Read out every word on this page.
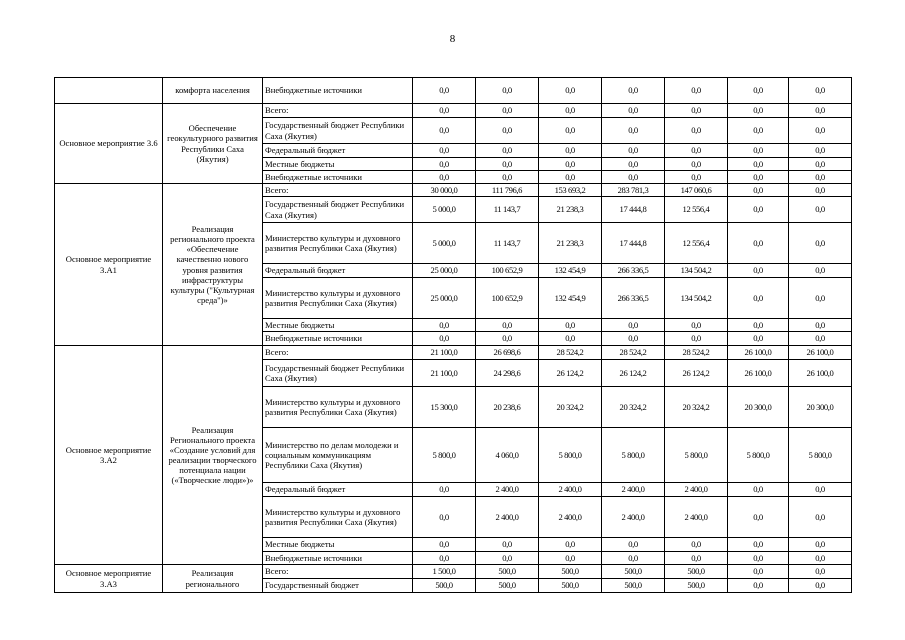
8
	комфорта населения	Внебюджетные источники	0,0	0,0	0,0	0,0	0,0	0,0	0,0
Основное мероприятие 3.6	Обеспечение геокультурного развития Республики Саха (Якутия)	Всего:	0,0	0,0	0,0	0,0	0,0	0,0	0,0
		Государственный бюджет Республики Саха (Якутия)	0,0	0,0	0,0	0,0	0,0	0,0	0,0
		Федеральный бюджет	0,0	0,0	0,0	0,0	0,0	0,0	0,0
		Местные бюджеты	0,0	0,0	0,0	0,0	0,0	0,0	0,0
		Внебюджетные источники	0,0	0,0	0,0	0,0	0,0	0,0	0,0
Основное мероприятие 3.А1	Реализация регионального проекта «Обеспечение качественно нового уровня развития инфраструктуры культуры ("Культурная среда")»	Всего:	30 000,0	111 796,6	153 693,2	283 781,3	147 060,6	0,0	0,0
		Государственный бюджет Республики Саха (Якутия)	5 000,0	11 143,7	21 238,3	17 444,8	12 556,4	0,0	0,0
		Министерство культуры и духовного развития Республики Саха (Якутия)	5 000,0	11 143,7	21 238,3	17 444,8	12 556,4	0,0	0,0
		Федеральный бюджет	25 000,0	100 652,9	132 454,9	266 336,5	134 504,2	0,0	0,0
		Министерство культуры и духовного развития Республики Саха (Якутия)	25 000,0	100 652,9	132 454,9	266 336,5	134 504,2	0,0	0,0
		Местные бюджеты	0,0	0,0	0,0	0,0	0,0	0,0	0,0
		Внебюджетные источники	0,0	0,0	0,0	0,0	0,0	0,0	0,0
Основное мероприятие 3.А2	Реализация Регионального проекта «Создание условий для реализации творческого потенциала нации («Творческие люди»)»	Всего:	21 100,0	26 698,6	28 524,2	28 524,2	28 524,2	26 100,0	26 100,0
		Государственный бюджет Республики Саха (Якутия)	21 100,0	24 298,6	26 124,2	26 124,2	26 124,2	26 100,0	26 100,0
		Министерство культуры и духовного развития Республики Саха (Якутия)	15 300,0	20 238,6	20 324,2	20 324,2	20 324,2	20 300,0	20 300,0
		Министерство по делам молодежи и социальным коммуникациям Республики Саха (Якутия)	5 800,0	4 060,0	5 800,0	5 800,0	5 800,0	5 800,0	5 800,0
		Федеральный бюджет	0,0	2 400,0	2 400,0	2 400,0	2 400,0	0,0	0,0
		Министерство культуры и духовного развития Республики Саха (Якутия)	0,0	2 400,0	2 400,0	2 400,0	2 400,0	0,0	0,0
		Местные бюджеты	0,0	0,0	0,0	0,0	0,0	0,0	0,0
		Внебюджетные источники	0,0	0,0	0,0	0,0	0,0	0,0	0,0
Основное мероприятие 3.А3	Реализация регионального	Всего:	1 500,0	500,0	500,0	500,0	500,0	0,0	0,0
		Государственный бюджет	500,0	500,0	500,0	500,0	500,0	0,0	0,0
